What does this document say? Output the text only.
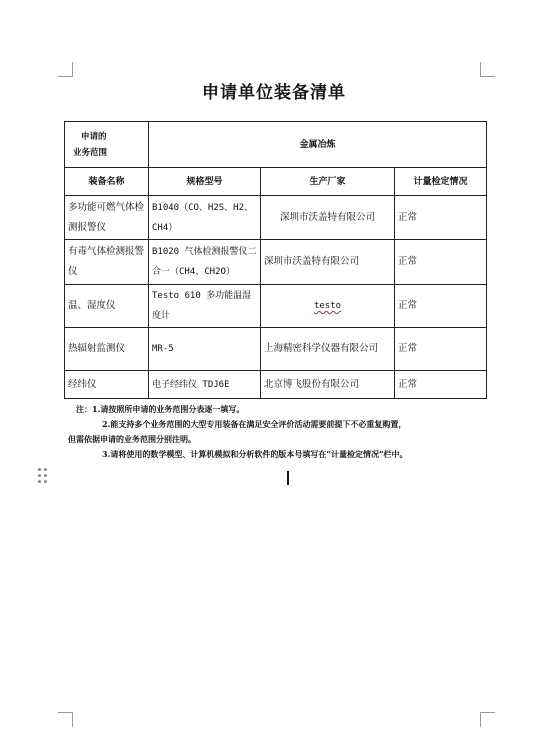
申请单位装备清单
申请的
业务范围	金属冶炼		
装备名称	规格型号	生产厂家	计量检定情况
多功能可燃气体检测报警仪	B1040（CO、H2S、H2、CH4）	深圳市沃盖特有限公司	正常
有毒气体检测报警仪	B1020 气体检测报警仪二合一（CH4、CH2O）	深圳市沃盖特有限公司	正常
温、湿度仪	Testo 610 多功能温湿度计	testo	正常
热辐射监测仪	MR-5	上海精密科学仪器有限公司	正常
经纬仪	电子经纬仪 TDJ6E	北京博飞股份有限公司	正常
注：1.请按照所申请的业务范围分表逐一填写。
2.能支持多个业务范围的大型专用装备在满足安全评价活动需要前提下不必重复购置，
但需依据申请的业务范围分别注明。
3.请将使用的数学模型、计算机模拟和分析软件的版本号填写在“计量检定情况”栏中。
